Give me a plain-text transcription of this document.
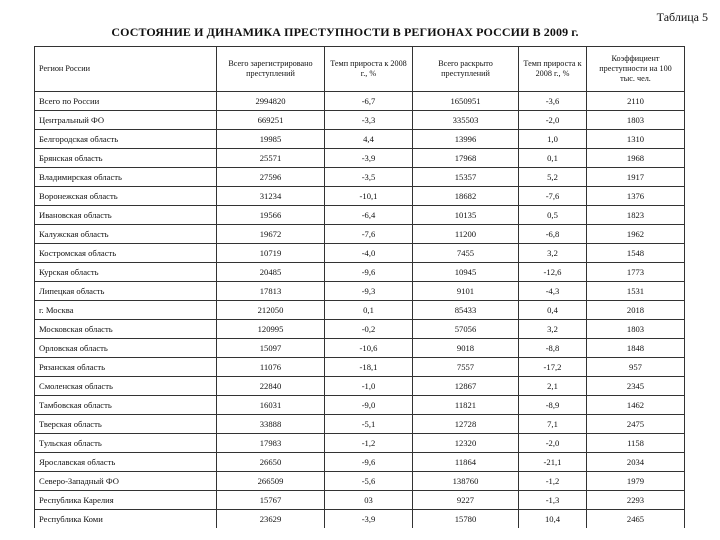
Таблица 5
СОСТОЯНИЕ И ДИНАМИКА ПРЕСТУПНОСТИ В РЕГИОНАХ РОССИИ В 2009 г.
Регион России	Всего зарегистрировано преступлений	Темп прироста к 2008 г., %	Всего раскрыто преступлений	Темп прироста к 2008 г., %	Коэффициент преступности на 100 тыс. чел.
Всего по России	2994820	-6,7	1650951	-3,6	2110
Центральный ФО	669251	-3,3	335503	-2,0	1803
Белгородская область	19985	4,4	13996	1,0	1310
Брянская область	25571	-3,9	17968	0,1	1968
Владимирская область	27596	-3,5	15357	5,2	1917
Воронежская область	31234	-10,1	18682	-7,6	1376
Ивановская область	19566	-6,4	10135	0,5	1823
Калужская область	19672	-7,6	11200	-6,8	1962
Костромская область	10719	-4,0	7455	3,2	1548
Курская область	20485	-9,6	10945	-12,6	1773
Липецкая область	17813	-9,3	9101	-4,3	1531
г. Москва	212050	0,1	85433	0,4	2018
Московская область	120995	-0,2	57056	3,2	1803
Орловская область	15097	-10,6	9018	-8,8	1848
Рязанская область	11076	-18,1	7557	-17,2	957
Смоленская область	22840	-1,0	12867	2,1	2345
Тамбовская область	16031	-9,0	11821	-8,9	1462
Тверская область	33888	-5,1	12728	7,1	2475
Тульская область	17983	-1,2	12320	-2,0	1158
Ярославская область	26650	-9,6	11864	-21,1	2034
Северо-Западный ФО	266509	-5,6	138760	-1,2	1979
Республика Карелия	15767	03	9227	-1,3	2293
Республика Коми	23629	-3,9	15780	10,4	2465
